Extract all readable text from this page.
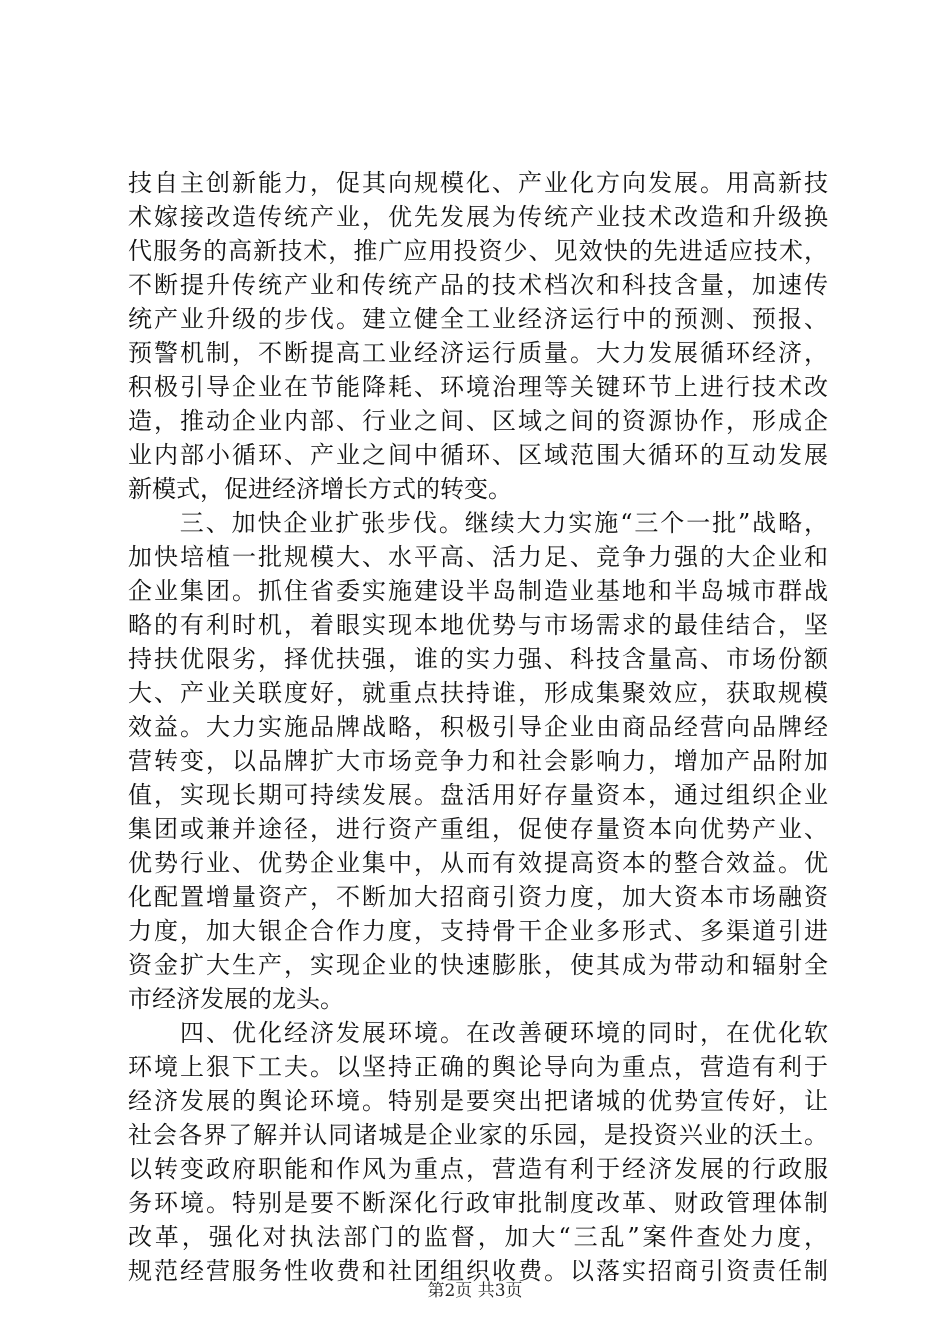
技自主创新能力，促其向规模化、产业化方向发展。用高新技
术嫁接改造传统产业，优先发展为传统产业技术改造和升级换
代服务的高新技术，推广应用投资少、见效快的先进适应技术，
不断提升传统产业和传统产品的技术档次和科技含量，加速传
统产业升级的步伐。建立健全工业经济运行中的预测、预报、
预警机制，不断提高工业经济运行质量。大力发展循环经济，
积极引导企业在节能降耗、环境治理等关键环节上进行技术改
造，推动企业内部、行业之间、区域之间的资源协作，形成企
业内部小循环、产业之间中循环、区域范围大循环的互动发展
新模式，促进经济增长方式的转变。
　　三、加快企业扩张步伐。继续大力实施“三个一批”战略，
加快培植一批规模大、水平高、活力足、竞争力强的大企业和
企业集团。抓住省委实施建设半岛制造业基地和半岛城市群战
略的有利时机，着眼实现本地优势与市场需求的最佳结合，坚
持扶优限劣，择优扶强，谁的实力强、科技含量高、市场份额
大、产业关联度好，就重点扶持谁，形成集聚效应，获取规模
效益。大力实施品牌战略，积极引导企业由商品经营向品牌经
营转变，以品牌扩大市场竞争力和社会影响力，增加产品附加
值，实现长期可持续发展。盘活用好存量资本，通过组织企业
集团或兼并途径，进行资产重组，促使存量资本向优势产业、
优势行业、优势企业集中，从而有效提高资本的整合效益。优
化配置增量资产，不断加大招商引资力度，加大资本市场融资
力度，加大银企合作力度，支持骨干企业多形式、多渠道引进
资金扩大生产，实现企业的快速膨胀，使其成为带动和辐射全
市经济发展的龙头。
　　四、优化经济发展环境。在改善硬环境的同时，在优化软
环境上狠下工夫。以坚持正确的舆论导向为重点，营造有利于
经济发展的舆论环境。特别是要突出把诸城的优势宣传好，让
社会各界了解并认同诸城是企业家的乐园，是投资兴业的沃土。
以转变政府职能和作风为重点，营造有利于经济发展的行政服
务环境。特别是要不断深化行政审批制度改革、财政管理体制
改革，强化对执法部门的监督，加大“三乱”案件查处力度，
规范经营服务性收费和社团组织收费。以落实招商引资责任制
第2页 共3页
